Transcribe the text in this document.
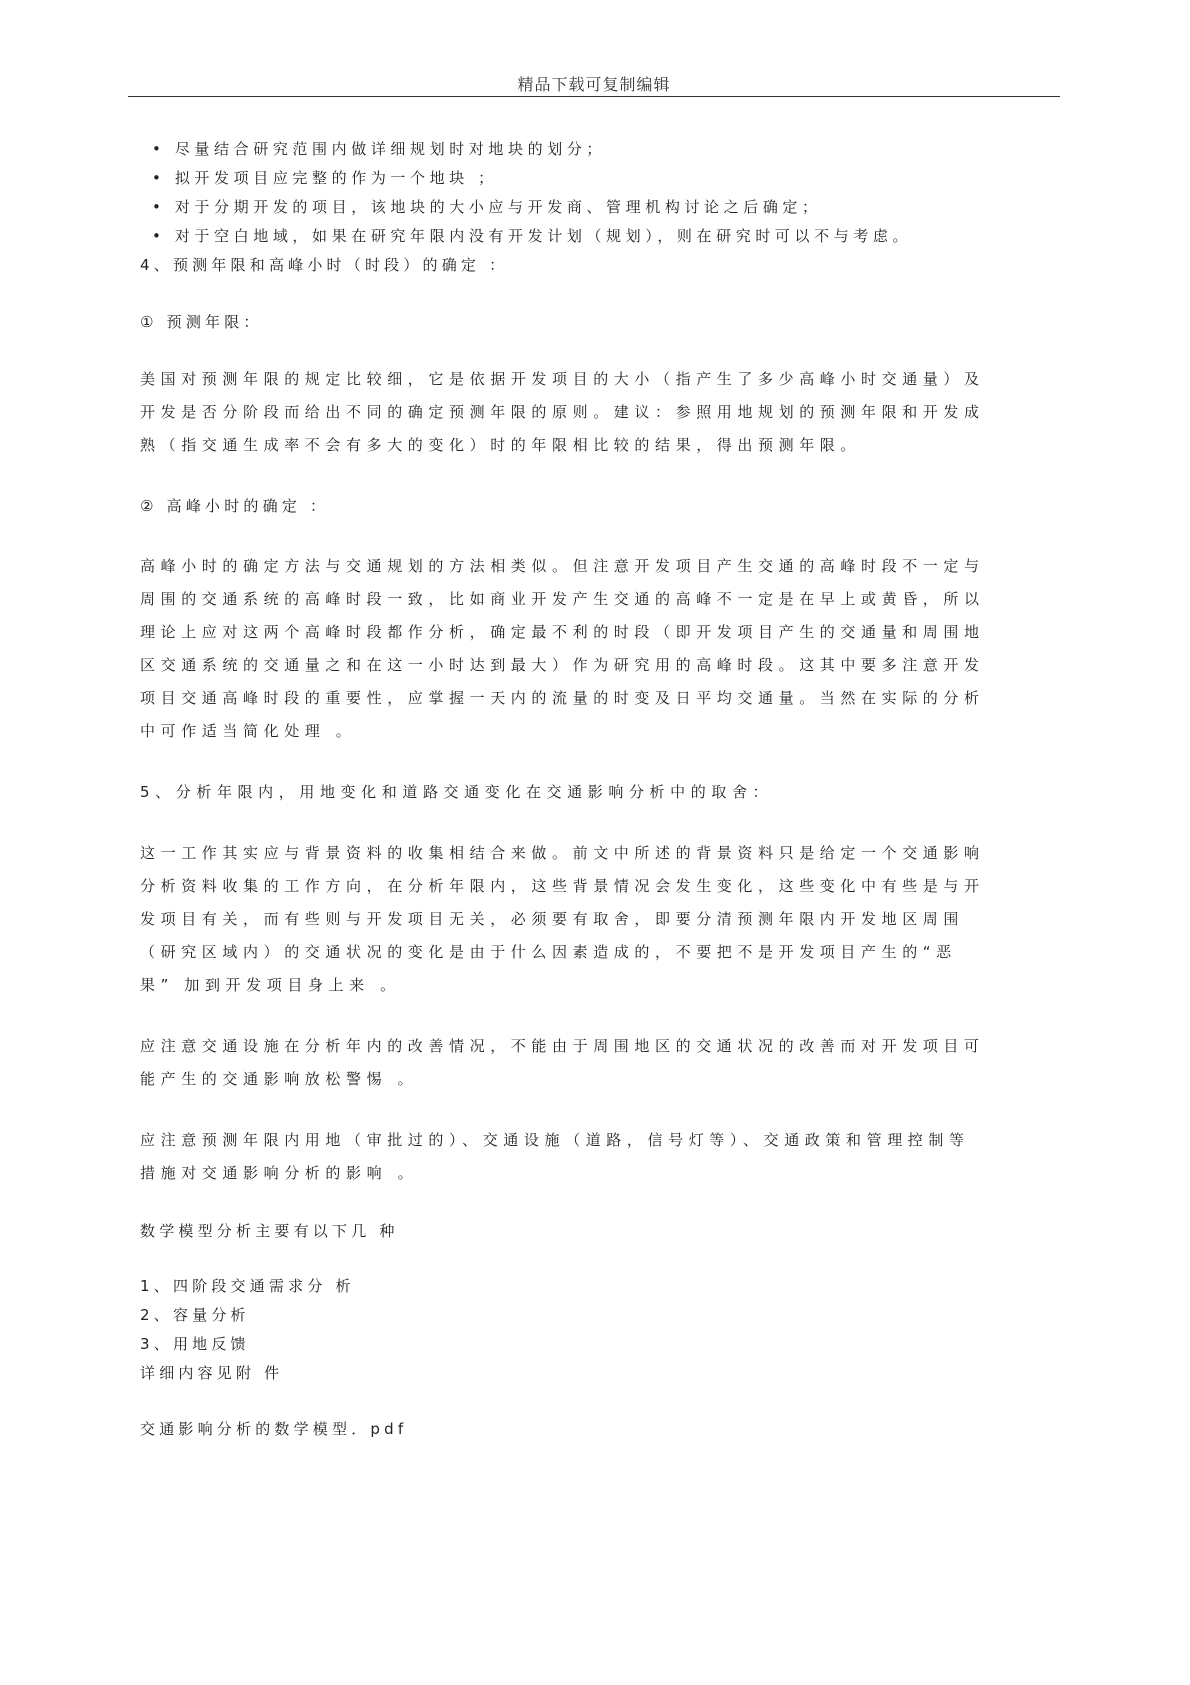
精品下载可复制编辑
• 尽量结合研究范围内做详细规划时对地块的划分；
• 拟开发项目应完整的作为一个地块 ；
• 对于分期开发的项目，该地块的大小应与开发商、管理机构讨论之后确定；
• 对于空白地域，如果在研究年限内没有开发计划（规划），则在研究时可以不与考虑。
4、预测年限和高峰小时（时段）的确定 ：
① 预测年限：
美国对预测年限的规定比较细，它是依据开发项目的大小（指产生了多少高峰小时交通量）及
开发是否分阶段而给出不同的确定预测年限的原则。建议：参照用地规划的预测年限和开发成
熟（指交通生成率不会有多大的变化）时的年限相比较的结果，得出预测年限。
② 高峰小时的确定 ：
高峰小时的确定方法与交通规划的方法相类似。但注意开发项目产生交通的高峰时段不一定与
周围的交通系统的高峰时段一致，比如商业开发产生交通的高峰不一定是在早上或黄昏，所以
理论上应对这两个高峰时段都作分析，确定最不利的时段（即开发项目产生的交通量和周围地
区交通系统的交通量之和在这一小时达到最大）作为研究用的高峰时段。这其中要多注意开发
项目交通高峰时段的重要性，应掌握一天内的流量的时变及日平均交通量。当然在实际的分析
中可作适当简化处理 。
5、分析年限内，用地变化和道路交通变化在交通影响分析中的取舍：
这一工作其实应与背景资料的收集相结合来做。前文中所述的背景资料只是给定一个交通影响
分析资料收集的工作方向，在分析年限内，这些背景情况会发生变化，这些变化中有些是与开
发项目有关，而有些则与开发项目无关，必须要有取舍，即要分清预测年限内开发地区周围
（研究区域内）的交通状况的变化是由于什么因素造成的，不要把不是开发项目产生的“恶
果” 加到开发项目身上来 。
应注意交通设施在分析年内的改善情况，不能由于周围地区的交通状况的改善而对开发项目可
能产生的交通影响放松警惕 。
应注意预测年限内用地（审批过的）、交通设施（道路，信号灯等）、交通政策和管理控制等
措施对交通影响分析的影响 。
数学模型分析主要有以下几 种
1、四阶段交通需求分 析
2、容量分析
3、用地反馈
详细内容见附 件
交通影响分析的数学模型．pdf
